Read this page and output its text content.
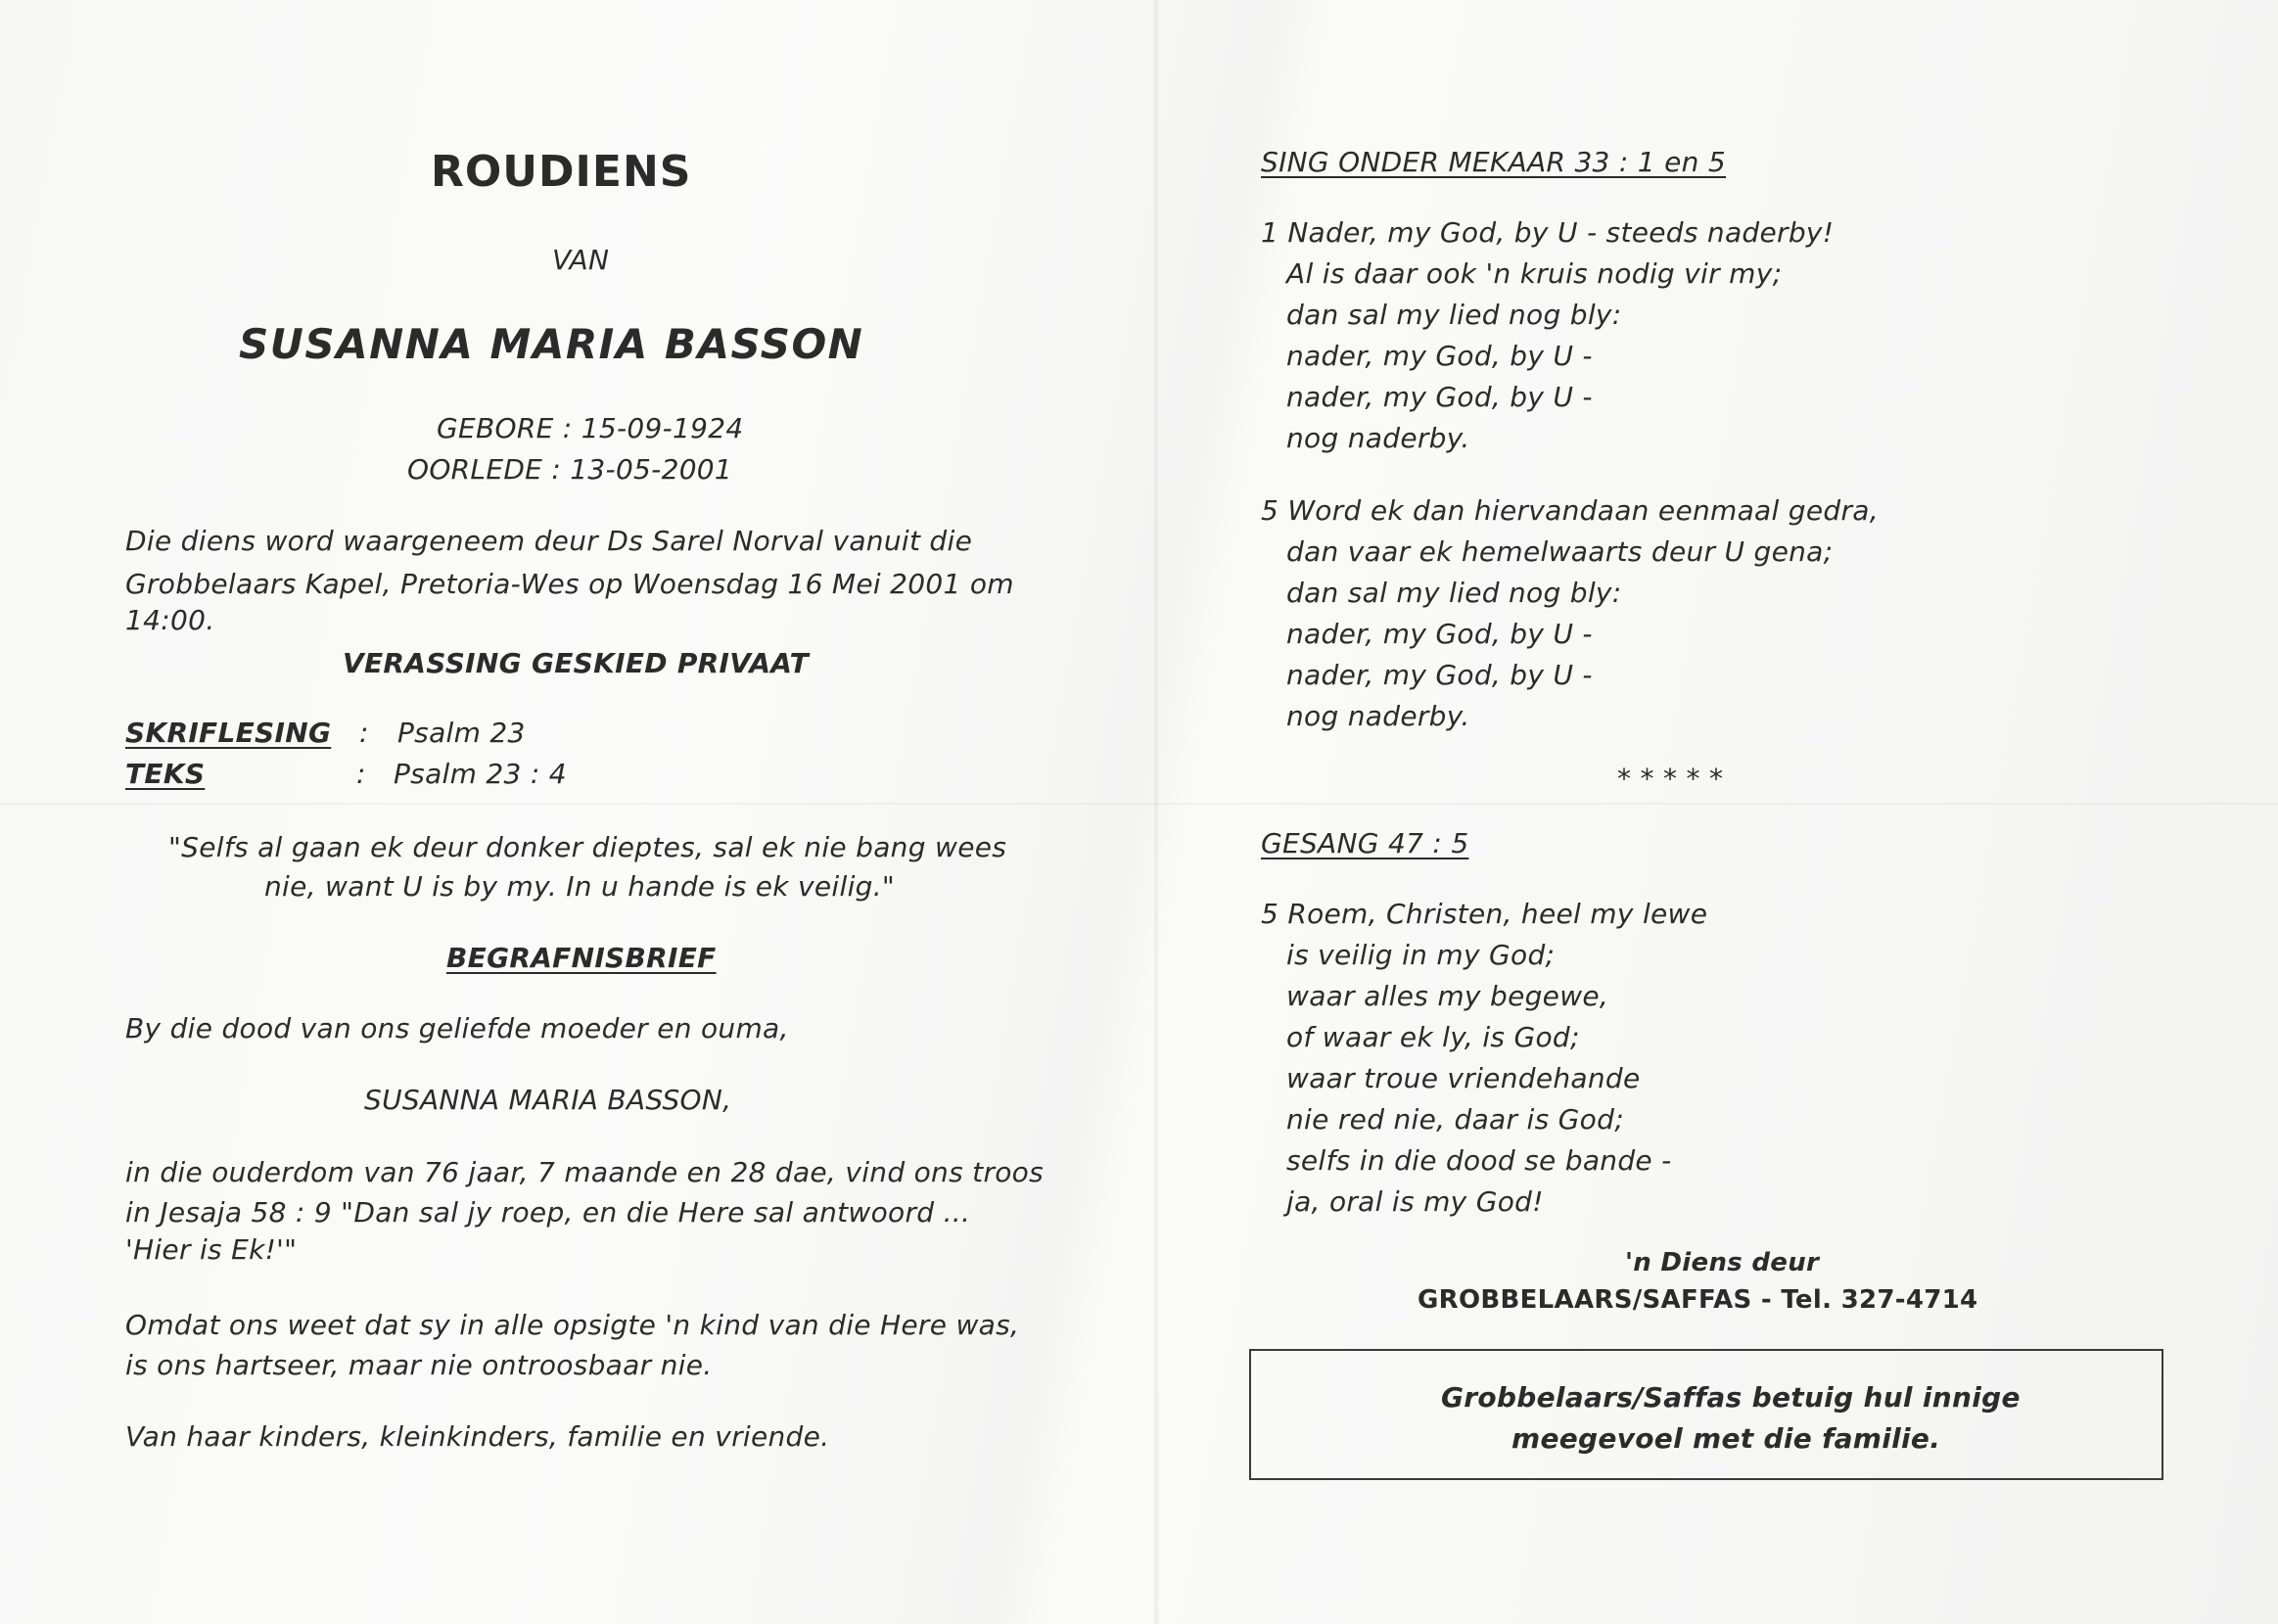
ROUDIENS
VAN
SUSANNA MARIA BASSON
GEBORE : 15-09-1924
OORLEDE : 13-05-2001
Die diens word waargeneem deur Ds Sarel Norval vanuit die
Grobbelaars Kapel, Pretoria-Wes op Woensdag 16 Mei 2001 om
14:00.
VERASSING GESKIED PRIVAAT
SKRIFLESING : Psalm 23
TEKS	: Psalm 23 : 4
"Selfs al gaan ek deur donker dieptes, sal ek nie bang wees
nie, want U is by my. In u hande is ek veilig."
BEGRAFNISBRIEF
By die dood van ons geliefde moeder en ouma,
SUSANNA MARIA BASSON,
in die ouderdom van 76 jaar, 7 maande en 28 dae, vind ons troos
in Jesaja 58 : 9 "Dan sal jy roep, en die Here sal antwoord ...
'Hier is Ek!'"
Omdat ons weet dat sy in alle opsigte 'n kind van die Here was,
is ons hartseer, maar nie ontroosbaar nie.
Van haar kinders, kleinkinders, familie en vriende.
SING ONDER MEKAAR 33 : 1 en 5
1 Nader, my God, by U - steeds naderby!
Al is daar ook 'n kruis nodig vir my;
dan sal my lied nog bly:
nader, my God, by U -
nader, my God, by U -
nog naderby.
5 Word ek dan hiervandaan eenmaal gedra,
dan vaar ek hemelwaarts deur U gena;
dan sal my lied nog bly:
nader, my God, by U -
nader, my God, by U -
nog naderby.
* * * * *
GESANG 47 : 5
5 Roem, Christen, heel my lewe
is veilig in my God;
waar alles my begewe,
of waar ek ly, is God;
waar troue vriendehande
nie red nie, daar is God;
selfs in die dood se bande -
ja, oral is my God!
'n Diens deur
GROBBELAARS/SAFFAS - Tel. 327-4714
Grobbelaars/Saffas betuig hul innige
meegevoel met die familie.
